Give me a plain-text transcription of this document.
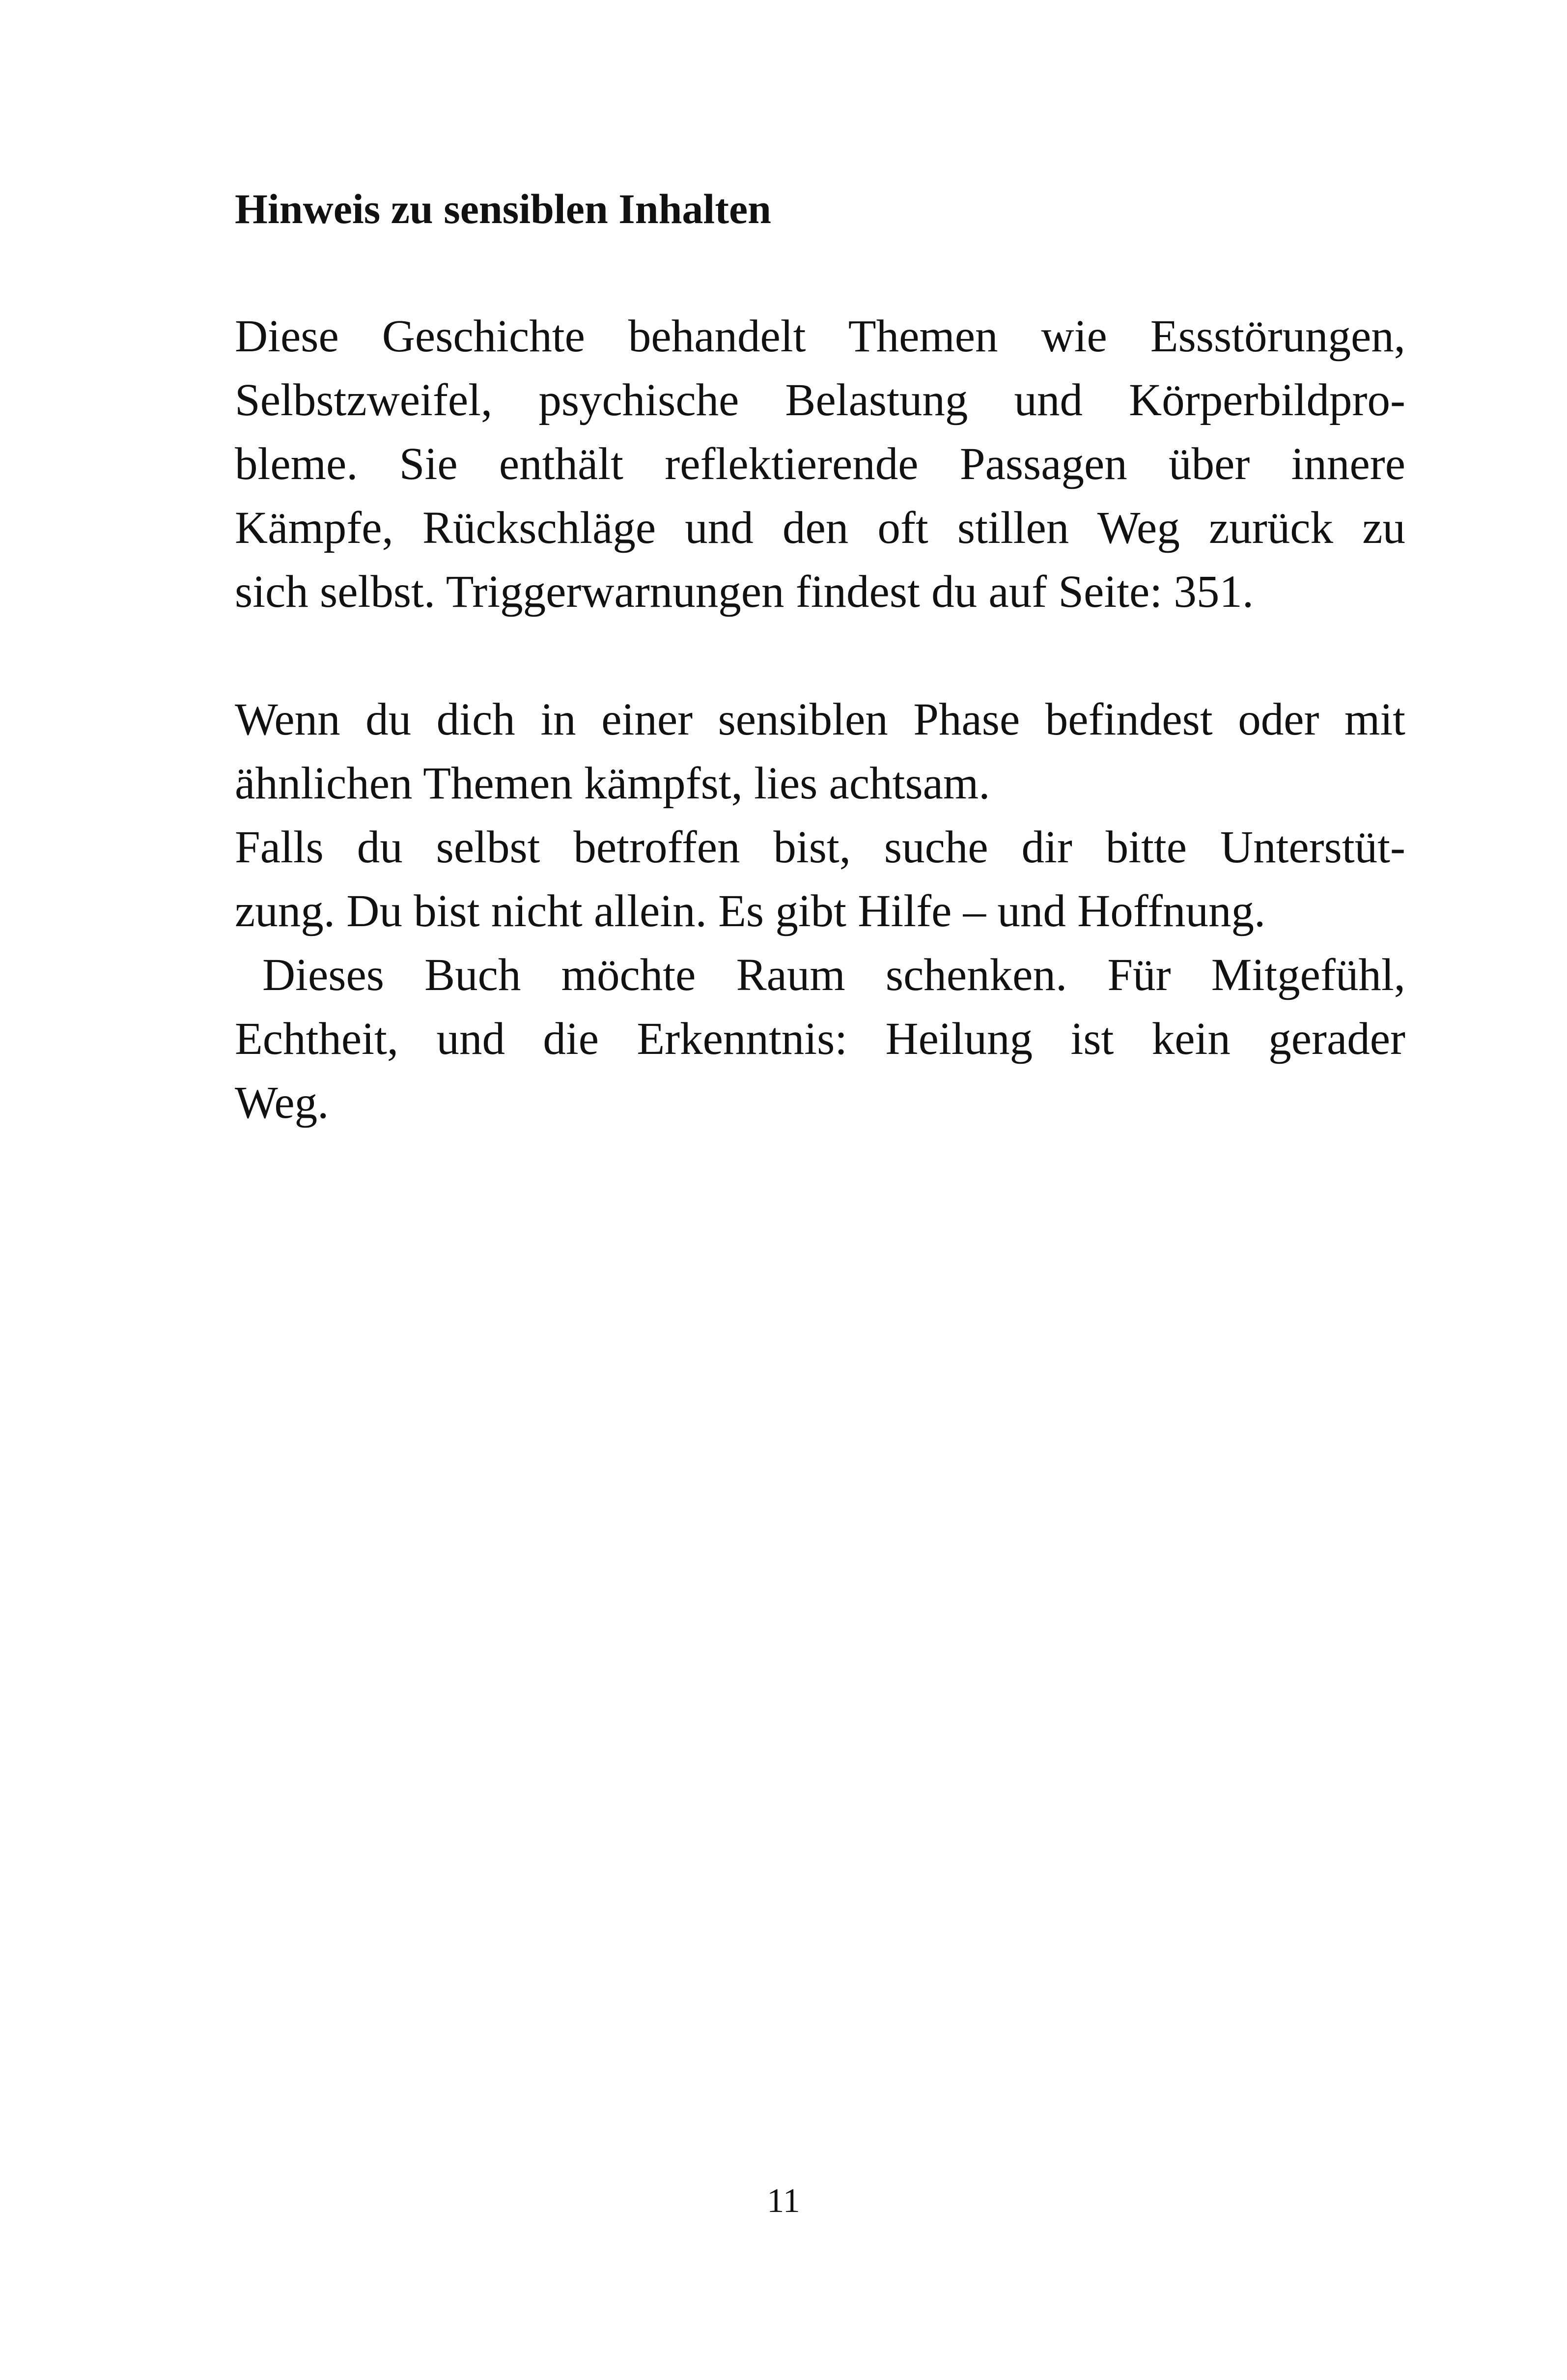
Hinweis zu sensiblen Inhalten

Diese Geschichte behandelt Themen wie Essstörungen,
Selbstzweifel, psychische Belastung und Körperbildpro-
bleme. Sie enthält reflektierende Passagen über innere
Kämpfe, Rückschläge und den oft stillen Weg zurück zu
sich selbst. Triggerwarnungen findest du auf Seite: 351.

Wenn du dich in einer sensiblen Phase befindest oder mit
ähnlichen Themen kämpfst, lies achtsam.

Falls du selbst betroffen bist, suche dir bitte Unterstüt-
zung. Du bist nicht allein. Es gibt Hilfe – und Hoffnung.

Dieses Buch möchte Raum schenken. Für Mitgefühl,
Echtheit, und die Erkenntnis: Heilung ist kein gerader
Weg.

11
